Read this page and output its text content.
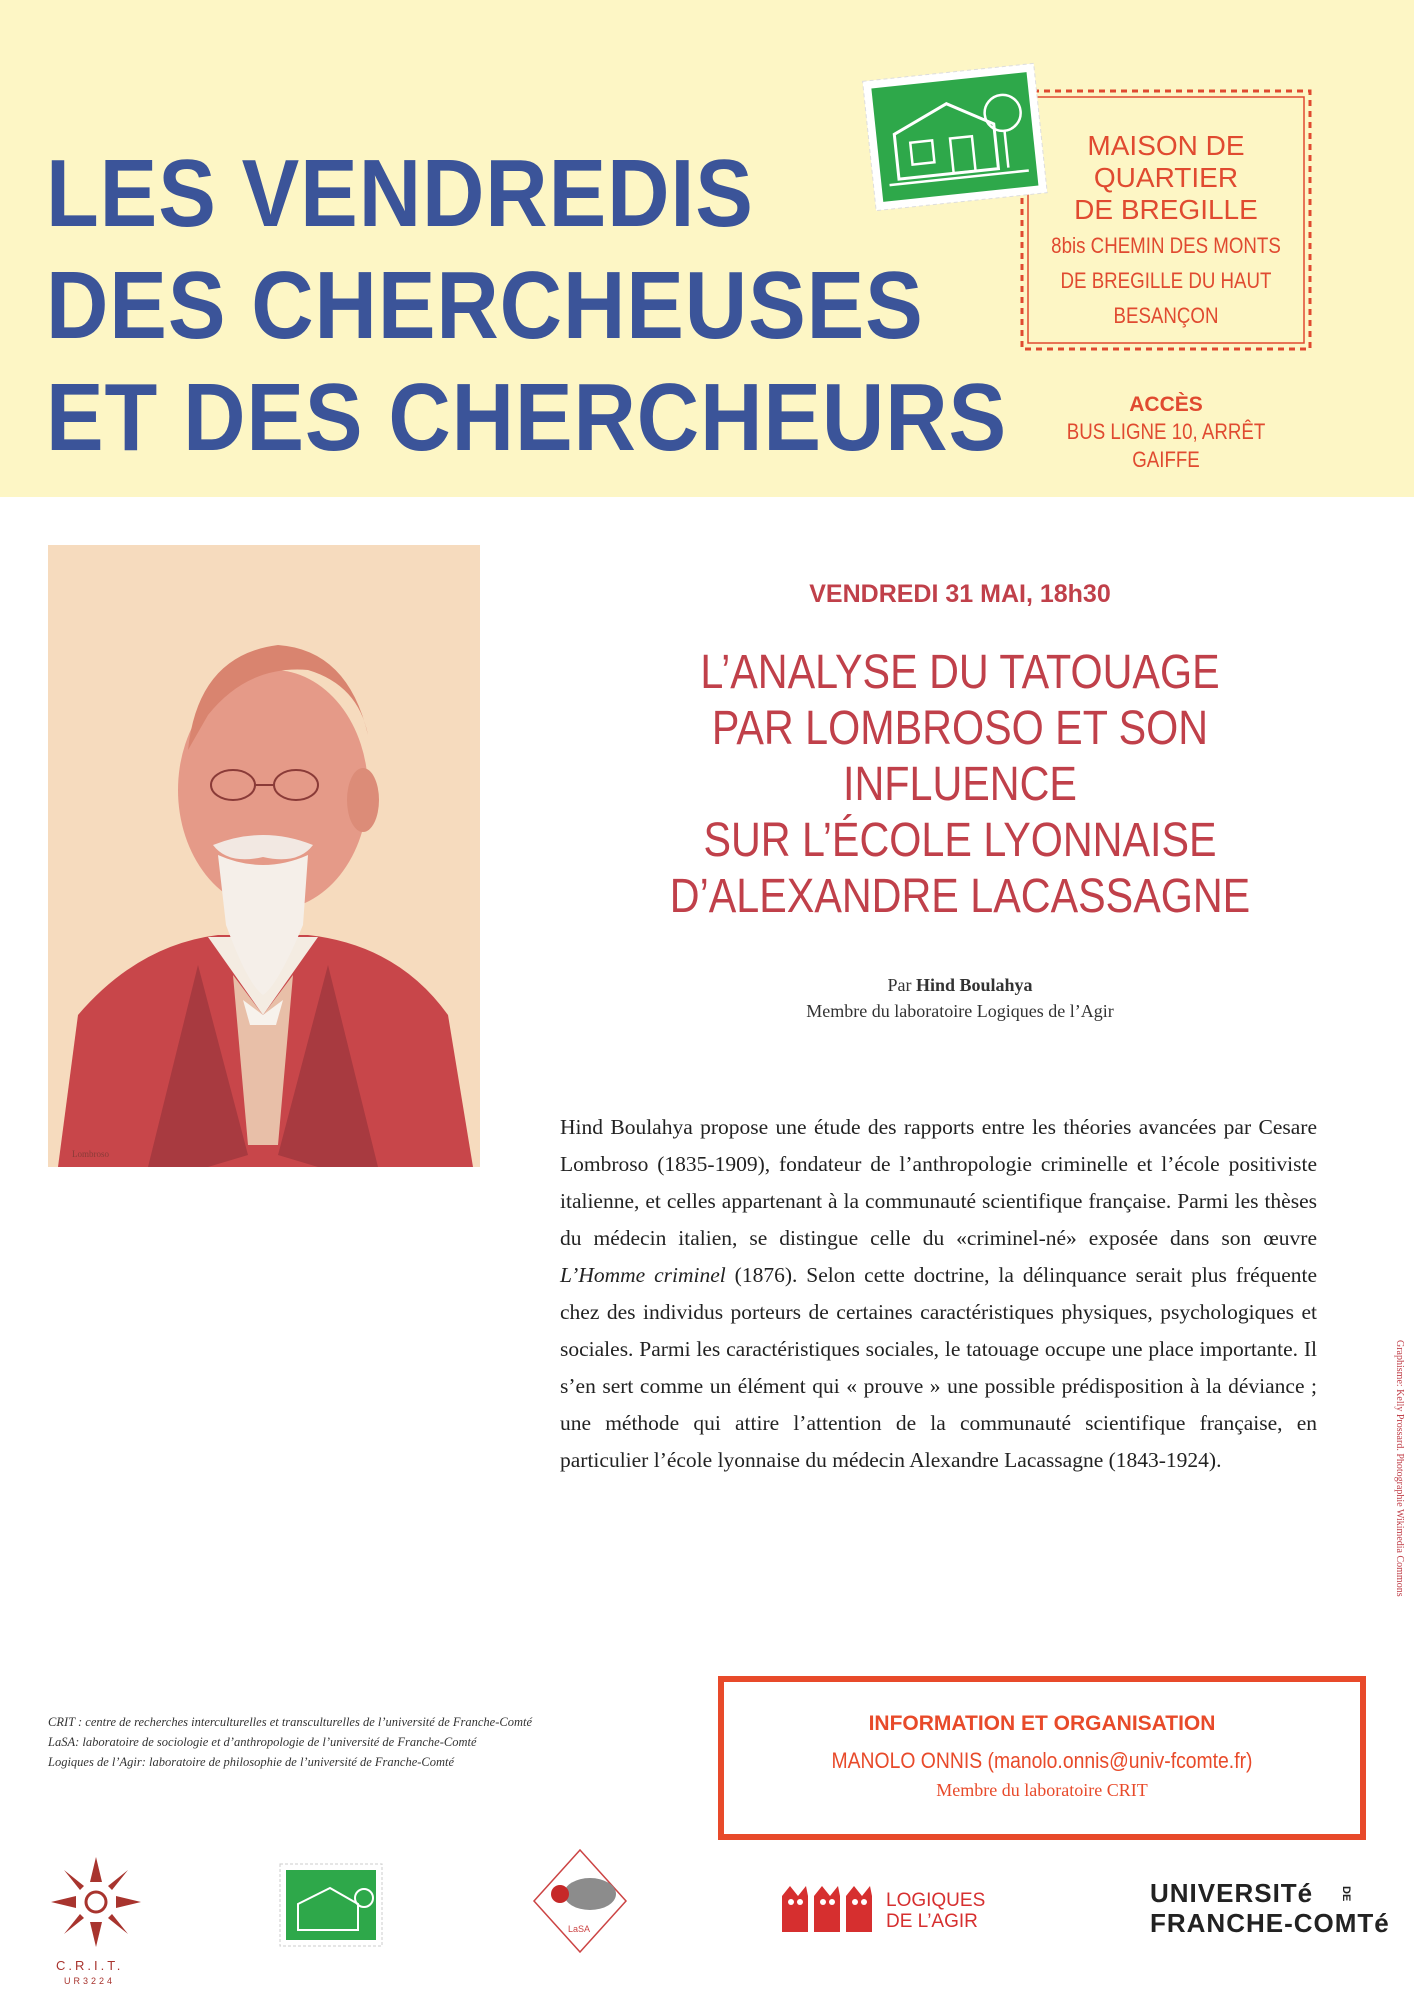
LES VENDREDIS
DES CHERCHEUSES
ET DES CHERCHEURS
MAISON DE
QUARTIER
DE BREGILLE
8bis CHEMIN DES MONTS
DE BREGILLE DU HAUT
BESANÇON
ACCÈS
BUS LIGNE 10, ARRÊT GAIFFE
Lombroso
VENDREDI 31 MAI, 18h30
L’ANALYSE DU TATOUAGE
PAR LOMBROSO ET SON INFLUENCE
SUR L’ÉCOLE LYONNAISE
D’ALEXANDRE LACASSAGNE
Par Hind Boulahya
Membre du laboratoire Logiques de l’Agir

Hind Boulahya propose une étude des rapports entre les théories avancées par Cesare Lombroso (1835-1909), fondateur de l’anthropologie criminelle et l’école positiviste italienne, et celles appartenant à la communauté scientifique française. Parmi les thèses du médecin italien, se distingue celle du «criminel-né» exposée dans son œuvre L’Homme criminel (1876). Selon cette doctrine, la délinquance serait plus fréquente chez des individus porteurs de certaines caractéristiques physiques, psychologiques et sociales. Parmi les caractéristiques sociales, le tatouage occupe une place importante. Il s’en sert comme un élément qui « prouve » une possible prédisposition à la déviance ; une méthode qui attire l’attention de la communauté scientifique française, en particulier l’école lyonnaise du médecin Alexandre Lacassagne (1843-1924).	Graphisme: Kelly Prossard. Photographie Wikimedia Commons
CRIT : centre de recherches interculturelles et transculturelles de l’université de Franche-Comté
LaSA: laboratoire de sociologie et d’anthropologie de l’université de Franche-Comté
Logiques de l’Agir: laboratoire de philosophie de l’université de Franche-Comté
INFORMATION ET ORGANISATION
MANOLO ONNIS (manolo.onnis@univ-fcomte.fr)
Membre du laboratoire CRIT
C.R.I.T.
UR3224
LaSA
LOGIQUES
DE L’AGIR
UNIVERSITé
FRANCHE-COMTé
DE
